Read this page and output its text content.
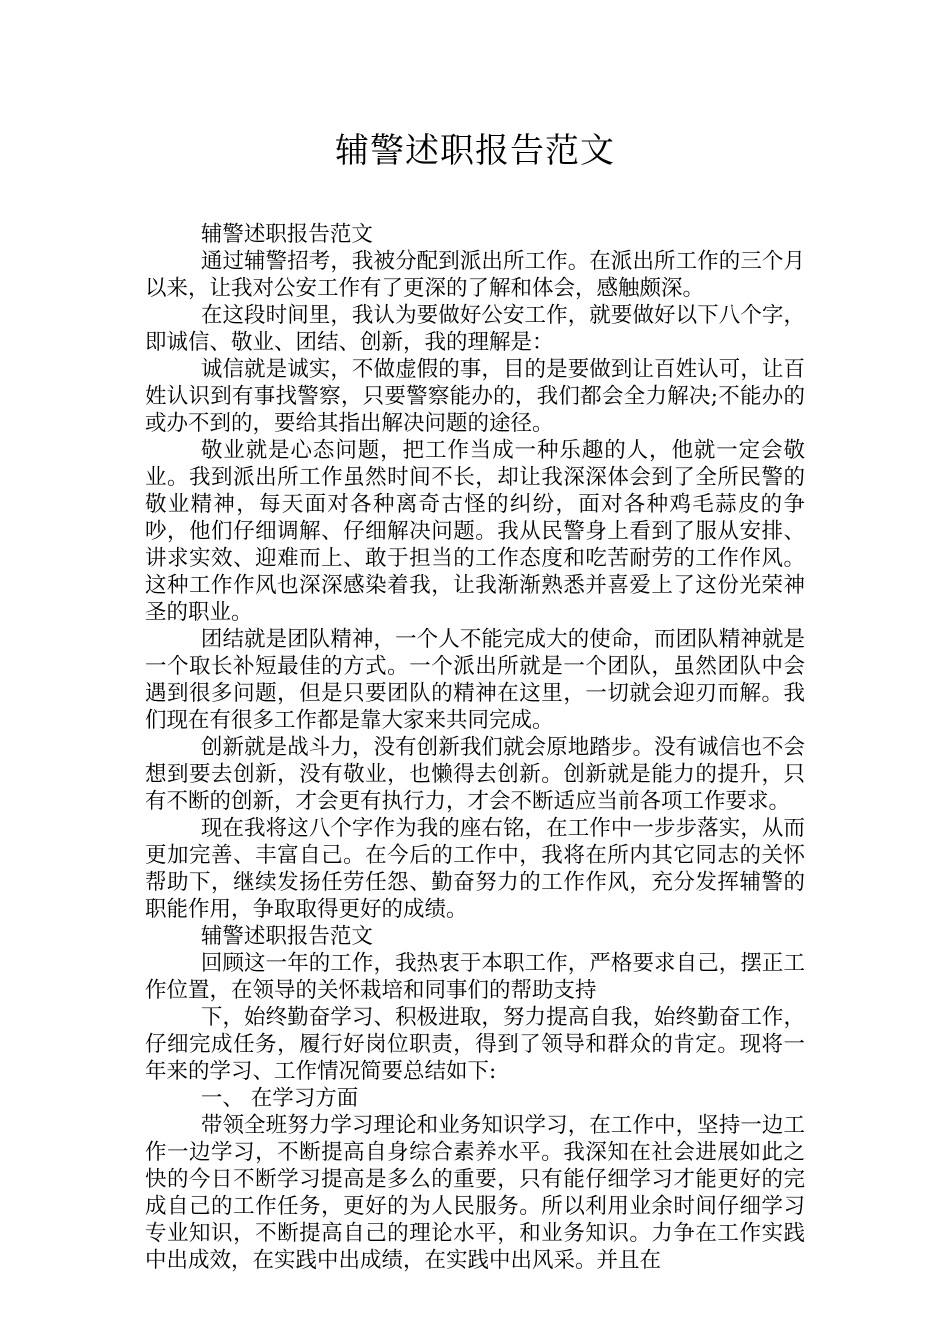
辅警述职报告范文

辅警述职报告范文

通过辅警招考，我被分配到派出所工作。在派出所工作的三个月以来，让我对公安工作有了更深的了解和体会，感触颇深。

在这段时间里，我认为要做好公安工作，就要做好以下八个字，即诚信、敬业、团结、创新，我的理解是：

诚信就是诚实，不做虚假的事，目的是要做到让百姓认可，让百姓认识到有事找警察，只要警察能办的，我们都会全力解决;不能办的或办不到的，要给其指出解决问题的途径。

敬业就是心态问题，把工作当成一种乐趣的人，他就一定会敬业。我到派出所工作虽然时间不长，却让我深深体会到了全所民警的敬业精神，每天面对各种离奇古怪的纠纷，面对各种鸡毛蒜皮的争吵，他们仔细调解、仔细解决问题。我从民警身上看到了服从安排、讲求实效、迎难而上、敢于担当的工作态度和吃苦耐劳的工作作风。这种工作作风也深深感染着我，让我渐渐熟悉并喜爱上了这份光荣神圣的职业。

团结就是团队精神，一个人不能完成大的使命，而团队精神就是一个取长补短最佳的方式。一个派出所就是一个团队，虽然团队中会遇到很多问题，但是只要团队的精神在这里，一切就会迎刃而解。我们现在有很多工作都是靠大家来共同完成。

创新就是战斗力，没有创新我们就会原地踏步。没有诚信也不会想到要去创新，没有敬业，也懒得去创新。创新就是能力的提升，只有不断的创新，才会更有执行力，才会不断适应当前各项工作要求。

现在我将这八个字作为我的座右铭，在工作中一步步落实，从而更加完善、丰富自己。在今后的工作中，我将在所内其它同志的关怀帮助下，继续发扬任劳任怨、勤奋努力的工作作风，充分发挥辅警的职能作用，争取取得更好的成绩。

辅警述职报告范文

回顾这一年的工作，我热衷于本职工作，严格要求自己，摆正工作位置，在领导的关怀栽培和同事们的帮助支持

下，始终勤奋学习、积极进取，努力提高自我，始终勤奋工作，仔细完成任务，履行好岗位职责，得到了领导和群众的肯定。现将一年来的学习、工作情况简要总结如下:

一、 在学习方面

带领全班努力学习理论和业务知识学习，在工作中，坚持一边工作一边学习，不断提高自身综合素养水平。我深知在社会进展如此之快的今日不断学习提高是多么的重要，只有能仔细学习才能更好的完成自己的工作任务，更好的为人民服务。所以利用业余时间仔细学习专业知识，不断提高自己的理论水平，和业务知识。力争在工作实践中出成效，在实践中出成绩，在实践中出风采。并且在
